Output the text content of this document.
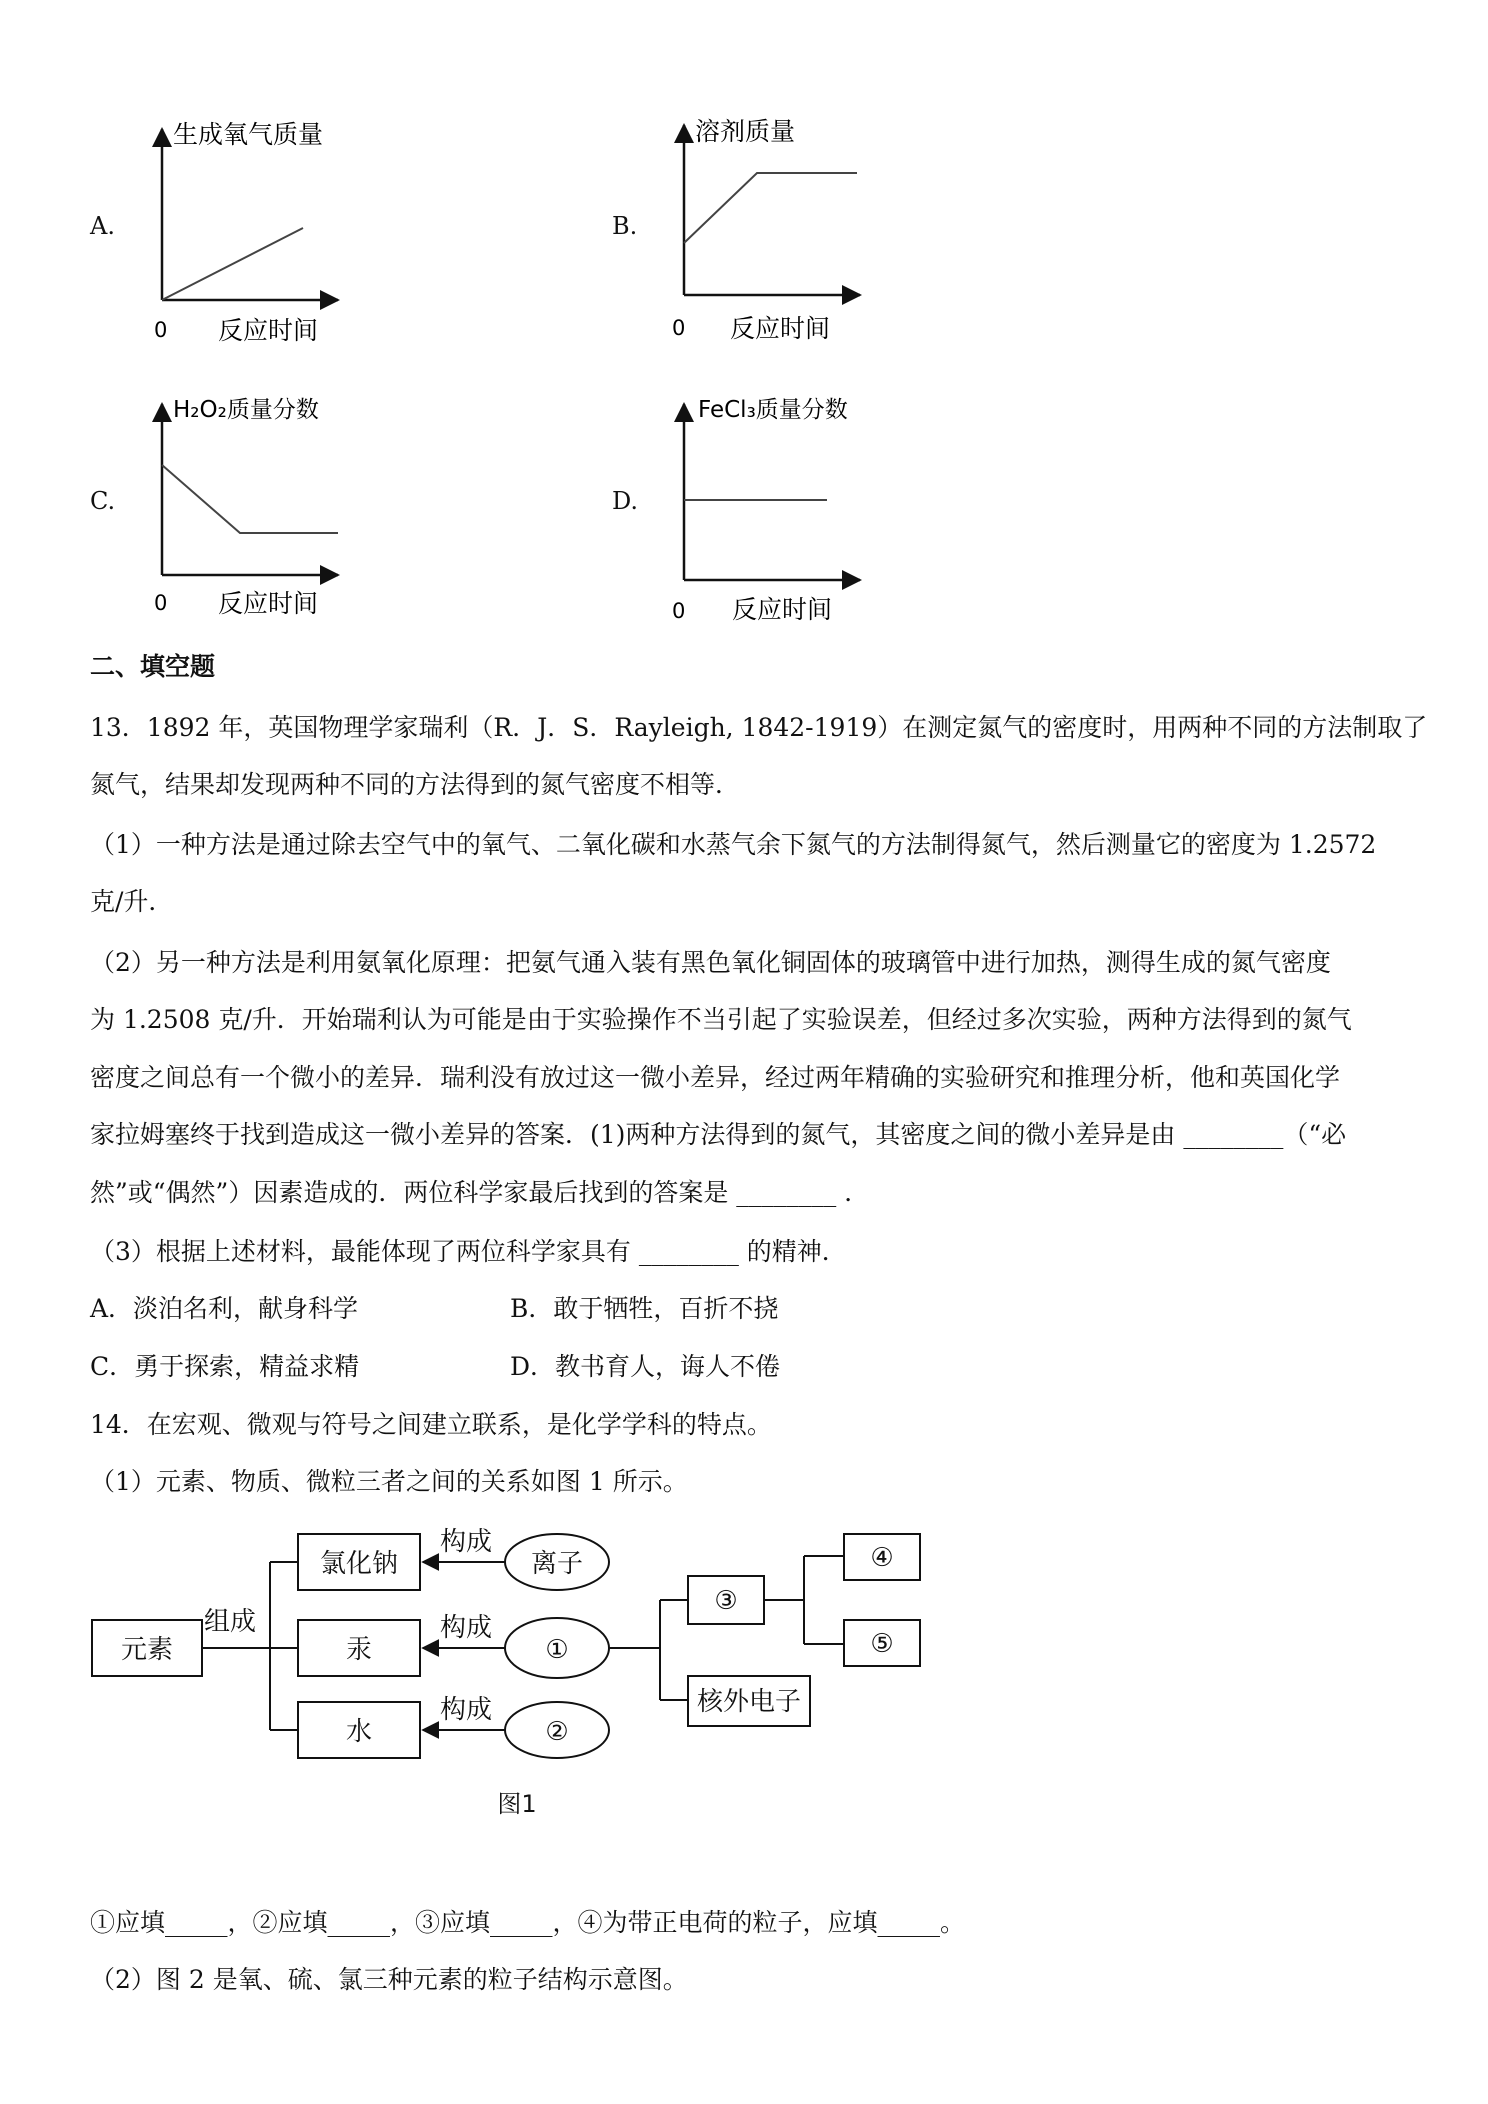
A.
生成氧气质量
0 反应时间
B.
溶剂质量
0 反应时间
C.
H₂O₂质量分数
0 反应时间
D.
FeCl₃质量分数
0 反应时间
二、填空题
13．1892 年，英国物理学家瑞利（R．J．S．Rayleigh, 1842-1919）在测定氮气的密度时，用两种不同的方法制取了
氮气，结果却发现两种不同的方法得到的氮气密度不相等．
（1）一种方法是通过除去空气中的氧气、二氧化碳和水蒸气余下氮气的方法制得氮气，然后测量它的密度为 1.2572
克/升．
（2）另一种方法是利用氨氧化原理：把氨气通入装有黑色氧化铜固体的玻璃管中进行加热，测得生成的氮气密度
为 1.2508 克/升．开始瑞利认为可能是由于实验操作不当引起了实验误差，但经过多次实验，两种方法得到的氮气
密度之间总有一个微小的差异．瑞利没有放过这一微小差异，经过两年精确的实验研究和推理分析，他和英国化学
家拉姆塞终于找到造成这一微小差异的答案．(1)两种方法得到的氮气，其密度之间的微小差异是由 ________（“必
然”或“偶然”）因素造成的．两位科学家最后找到的答案是 ________ ．
（3）根据上述材料，最能体现了两位科学家具有 ________ 的精神．
A．淡泊名利，献身科学	B．敢于牺牲，百折不挠
C．勇于探索，精益求精	D．教书育人，诲人不倦
14．在宏观、微观与符号之间建立联系，是化学学科的特点。
（1）元素、物质、微粒三者之间的关系如图 1 所示。
元素
组成
氯化钠
汞
水
构成
构成
构成
离子
①
②
③
核外电子
④
⑤
图1
①应填_____，②应填_____，③应填_____，④为带正电荷的粒子，应填_____。
（2）图 2 是氧、硫、氯三种元素的粒子结构示意图。
